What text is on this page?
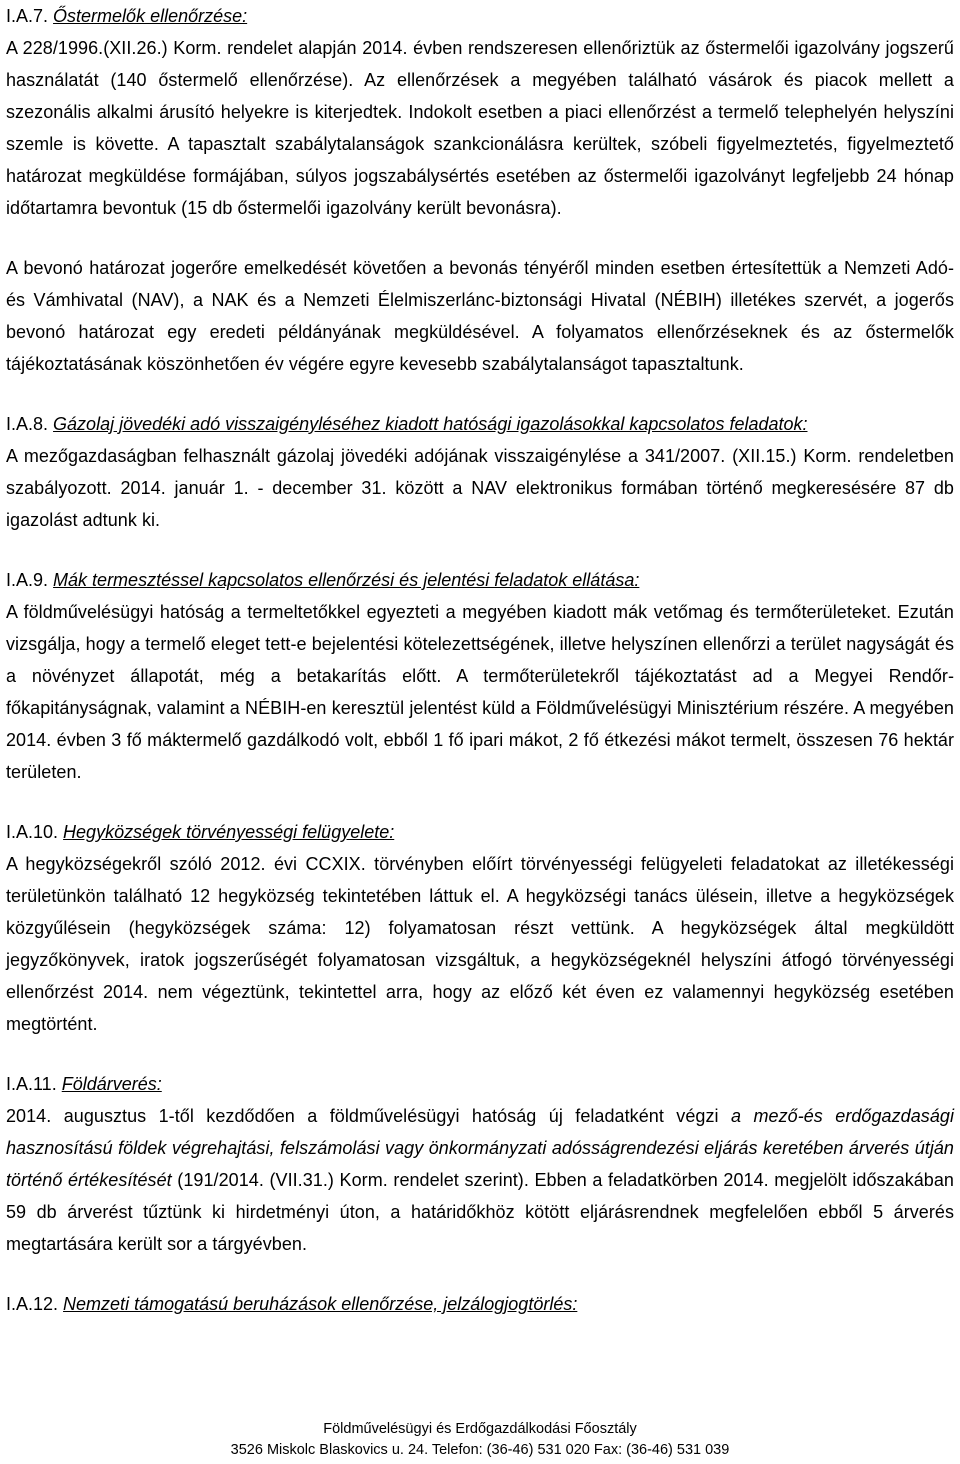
I.A.7. Őstermelők ellenőrzése:

A 228/1996.(XII.26.) Korm. rendelet alapján 2014. évben rendszeresen ellenőriztük az őstermelői igazolvány jogszerű használatát (140 őstermelő ellenőrzése). Az ellenőrzések a megyében található vásárok és piacok mellett a szezonális alkalmi árusító helyekre is kiterjedtek. Indokolt esetben a piaci ellenőrzést a termelő telephelyén helyszíni szemle is követte. A tapasztalt szabálytalanságok szankcionálásra kerültek, szóbeli figyelmeztetés, figyelmeztető határozat megküldése formájában, súlyos jogszabálysértés esetében az őstermelői igazolványt legfeljebb 24 hónap időtartamra bevontuk (15 db őstermelői igazolvány került bevonásra).

A bevonó határozat jogerőre emelkedését követően a bevonás tényéről minden esetben értesítettük a Nemzeti Adó- és Vámhivatal (NAV), a NAK és a Nemzeti Élelmiszerlánc-biztonsági Hivatal (NÉBIH) illetékes szervét, a jogerős bevonó határozat egy eredeti példányának megküldésével. A folyamatos ellenőrzéseknek és az őstermelők tájékoztatásának köszönhetően év végére egyre kevesebb szabálytalanságot tapasztaltunk.

I.A.8. Gázolaj jövedéki adó visszaigényléséhez kiadott hatósági igazolásokkal kapcsolatos feladatok:

A mezőgazdaságban felhasznált gázolaj jövedéki adójának visszaigénylése a 341/2007. (XII.15.) Korm. rendeletben szabályozott. 2014. január 1. - december 31. között a NAV elektronikus formában történő megkeresésére 87 db igazolást adtunk ki.

I.A.9. Mák termesztéssel kapcsolatos ellenőrzési és jelentési feladatok ellátása:

A földművelésügyi hatóság a termeltetőkkel egyezteti a megyében kiadott mák vetőmag és termőterületeket. Ezután vizsgálja, hogy a termelő eleget tett-e bejelentési kötelezettségének, illetve helyszínen ellenőrzi a terület nagyságát és a növényzet állapotát, még a betakarítás előtt. A termőterületekről tájékoztatást ad a Megyei Rendőr-főkapitányságnak, valamint a NÉBIH-en keresztül jelentést küld a Földművelésügyi Minisztérium részére. A megyében 2014. évben 3 fő máktermelő gazdálkodó volt, ebből 1 fő ipari mákot, 2 fő étkezési mákot termelt, összesen 76 hektár területen.

I.A.10. Hegyközségek törvényességi felügyelete:

A hegyközségekről szóló 2012. évi CCXIX. törvényben előírt törvényességi felügyeleti feladatokat az illetékességi területünkön található 12 hegyközség tekintetében láttuk el. A hegyközségi tanács ülésein, illetve a hegyközségek közgyűlésein (hegyközségek száma: 12) folyamatosan részt vettünk. A hegyközségek által megküldött jegyzőkönyvek, iratok jogszerűségét folyamatosan vizsgáltuk, a hegyközségeknél helyszíni átfogó törvényességi ellenőrzést 2014. nem végeztünk, tekintettel arra, hogy az előző két éven ez valamennyi hegyközség esetében megtörtént.

I.A.11. Földárverés:

2014. augusztus 1-től kezdődően a földművelésügyi hatóság új feladatként végzi a mező-és erdőgazdasági hasznosítású földek végrehajtási, felszámolási vagy önkormányzati adósságrendezési eljárás keretében árverés útján történő értékesítését (191/2014. (VII.31.) Korm. rendelet szerint). Ebben a feladatkörben 2014. megjelölt időszakában 59 db árverést tűztünk ki hirdetményi úton, a határidőkhöz kötött eljárásrendnek megfelelően ebből 5 árverés megtartására került sor a tárgyévben.

I.A.12. Nemzeti támogatású beruházások ellenőrzése, jelzálogjogtörlés:

Földművelésügyi és Erdőgazdálkodási Főosztály
3526 Miskolc Blaskovics u. 24. Telefon: (36-46) 531 020 Fax: (36-46) 531 039
